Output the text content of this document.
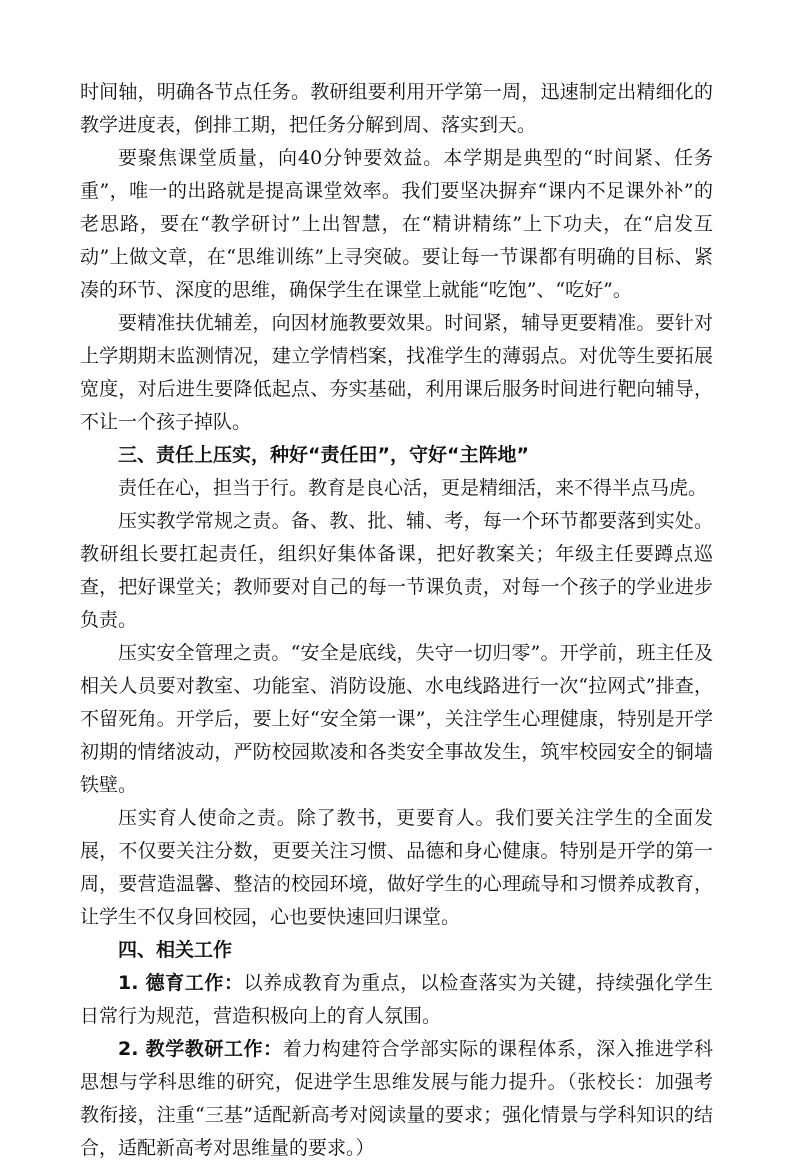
时间轴，明确各节点任务。教研组要利用开学第一周，迅速制定出精细化的教学进度表，倒排工期，把任务分解到周、落实到天。

要聚焦课堂质量，向40分钟要效益。本学期是典型的“时间紧、任务重”，唯一的出路就是提高课堂效率。我们要坚决摒弃“课内不足课外补”的老思路，要在“教学研讨”上出智慧，在“精讲精练”上下功夫，在“启发互动”上做文章，在“思维训练”上寻突破。要让每一节课都有明确的目标、紧凑的环节、深度的思维，确保学生在课堂上就能“吃饱”、“吃好”。

要精准扶优辅差，向因材施教要效果。时间紧，辅导更要精准。要针对上学期期末监测情况，建立学情档案，找准学生的薄弱点。对优等生要拓展宽度，对后进生要降低起点、夯实基础，利用课后服务时间进行靶向辅导，不让一个孩子掉队。

三、责任上压实，种好“责任田”，守好“主阵地”

责任在心，担当于行。教育是良心活，更是精细活，来不得半点马虎。

压实教学常规之责。备、教、批、辅、考，每一个环节都要落到实处。教研组长要扛起责任，组织好集体备课，把好教案关；年级主任要蹲点巡查，把好课堂关；教师要对自己的每一节课负责，对每一个孩子的学业进步负责。

压实安全管理之责。“安全是底线，失守一切归零”。开学前，班主任及相关人员要对教室、功能室、消防设施、水电线路进行一次“拉网式”排查，不留死角。开学后，要上好“安全第一课”，关注学生心理健康，特别是开学初期的情绪波动，严防校园欺凌和各类安全事故发生，筑牢校园安全的铜墙铁壁。

压实育人使命之责。除了教书，更要育人。我们要关注学生的全面发展，不仅要关注分数，更要关注习惯、品德和身心健康。特别是开学的第一周，要营造温馨、整洁的校园环境，做好学生的心理疏导和习惯养成教育，让学生不仅身回校园，心也要快速回归课堂。

四、相关工作

1. 德育工作：以养成教育为重点，以检查落实为关键，持续强化学生日常行为规范，营造积极向上的育人氛围。

2. 教学教研工作：着力构建符合学部实际的课程体系，深入推进学科思想与学科思维的研究，促进学生思维发展与能力提升。（张校长：加强考教衔接，注重“三基”适配新高考对阅读量的要求；强化情景与学科知识的结合，适配新高考对思维量的要求。）
